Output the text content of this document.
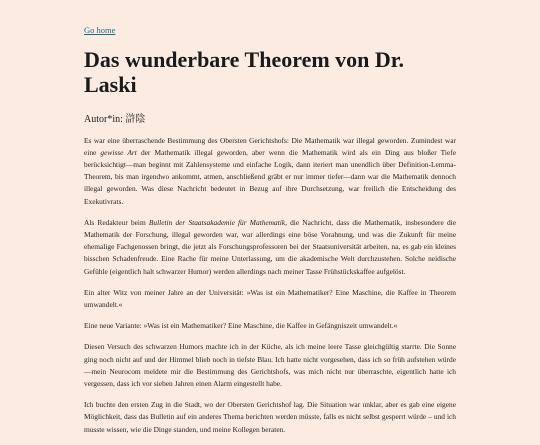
Go home
Das wunderbare Theorem von Dr. Laski
Autor*in: 滸陰

Es war eine überraschende Bestimmung des Obersten Gerichtshofs: Die Mathematik war illegal geworden. Zumindest war eine gewisse Art der Mathematik illegal geworden, aber wenn die Mathematik wird als ein Ding aus bloßer Tiefe berücksichtigt—man beginnt mit Zahlensysteme und einfache Logik, dann iteriert man unendlich über Definition-Lemma-Theorem, bis man irgendwo ankommt, atmen, anschließend gräbt er nur immer tiefer—dann war die Mathematik dennoch illegal geworden. Was diese Nachricht bedeutet in Bezug auf ihre Durchsetzung, war freilich die Entscheidung des Exekutivrats.

Als Redakteur beim Bulletin der Staatsakademie für Mathematik, die Nachricht, dass die Mathematik, insbesondere die Mathematik der Forschung, illegal geworden war, war allerdings eine böse Vorahnung, und was die Zukunft für meine ehemalige Fachgenossen bringt, die jetzt als Forschungsprofessoren bei der Staatsuniversität arbeiten, na, es gab ein kleines bisschen Schadenfreude. Eine Rache für meine Unterlassung, um die akademische Welt durchzustehen. Solche neidische Gefühle (eigentlich halt schwarzer Humor) werden allerdings nach meiner Tasse Frühstückskaffee aufgelöst.

Ein alter Witz von meiner Jahre an der Universität: »Was ist ein Mathematiker? Eine Maschine, die Kaffee in Theorem umwandelt.«

Eine neue Variante: »Was ist ein Mathematiker? Eine Maschine, die Kaffee in Gefängniszeit umwandelt.«

Diesen Versuch des schwarzen Humors machte ich in der Küche, als ich meine leere Tasse gleichgültig starrte. Die Sonne ging noch nicht auf und der Himmel blieb noch in tiefste Blau. Ich hatte nicht vorgesehen, dass ich so früh aufstehen würde—mein Neurocom meldete mir die Bestimmung des Gerichtshofs, was mich nicht nur überraschte, eigentlich hatte ich vergessen, dass ich vor sieben Jahren einen Alarm eingestellt habe.

Ich buchte den ersten Zug in die Stadt, wo der Obersten Gerichtshof lag. Die Situation war unklar, aber es gab eine eigene Möglichkeit, dass das Bulletin auf ein anderes Thema berichten werden müsste, falls es nicht selbst gesperrt würde – und ich musste wissen, wie die Dinge standen, und meine Kollegen beraten.
